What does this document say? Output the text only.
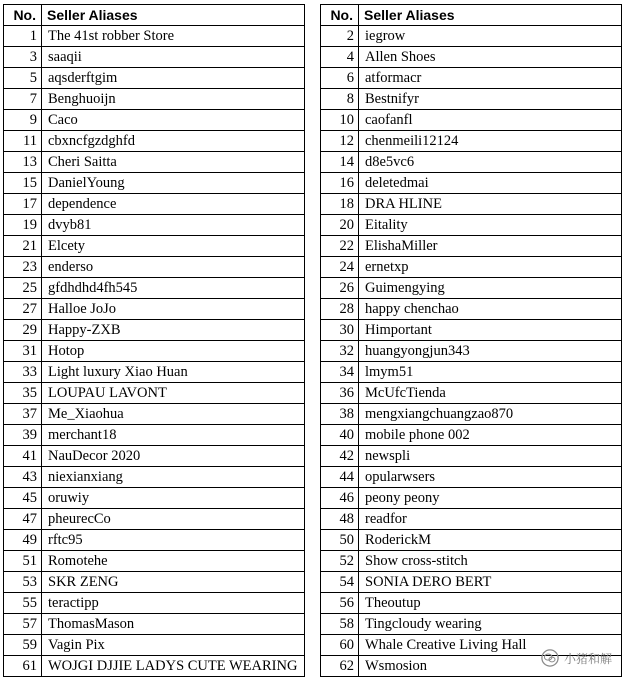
No.	Seller Aliases
1	The 41st robber Store
3	saaqii
5	aqsderftgim
7	Benghuoijn
9	Caco
11	cbxncfgzdghfd
13	Cheri Saitta
15	DanielYoung
17	dependence
19	dvyb81
21	Elcety
23	enderso
25	gfdhdhd4fh545
27	Halloe JoJo
29	Happy-ZXB
31	Hotop
33	Light luxury Xiao Huan
35	LOUPAU LAVONT
37	Me_Xiaohua
39	merchant18
41	NauDecor 2020
43	niexianxiang
45	oruwiy
47	pheurecCo
49	rftc95
51	Romotehe
53	SKR ZENG
55	teractipp
57	ThomasMason
59	Vagin Pix
61	WOJGI DJJIE LADYS CUTE WEARING
No.	Seller Aliases
2	iegrow
4	Allen Shoes
6	atformacr
8	Bestnifyr
10	caofanfl
12	chenmeili12124
14	d8e5vc6
16	deletedmai
18	DRA HLINE
20	Eitality
22	ElishaMiller
24	ernetxp
26	Guimengying
28	happy chenchao
30	Himportant
32	huangyongjun343
34	lmym51
36	McUfcTienda
38	mengxiangchuangzao870
40	mobile phone 002
42	newspli
44	opularwsers
46	peony peony
48	readfor
50	RoderickM
52	Show cross-stitch
54	SONIA DERO BERT
56	Theoutup
58	Tingcloudy wearing
60	Whale Creative Living Hall
62	Wsmosion	小猪和解
